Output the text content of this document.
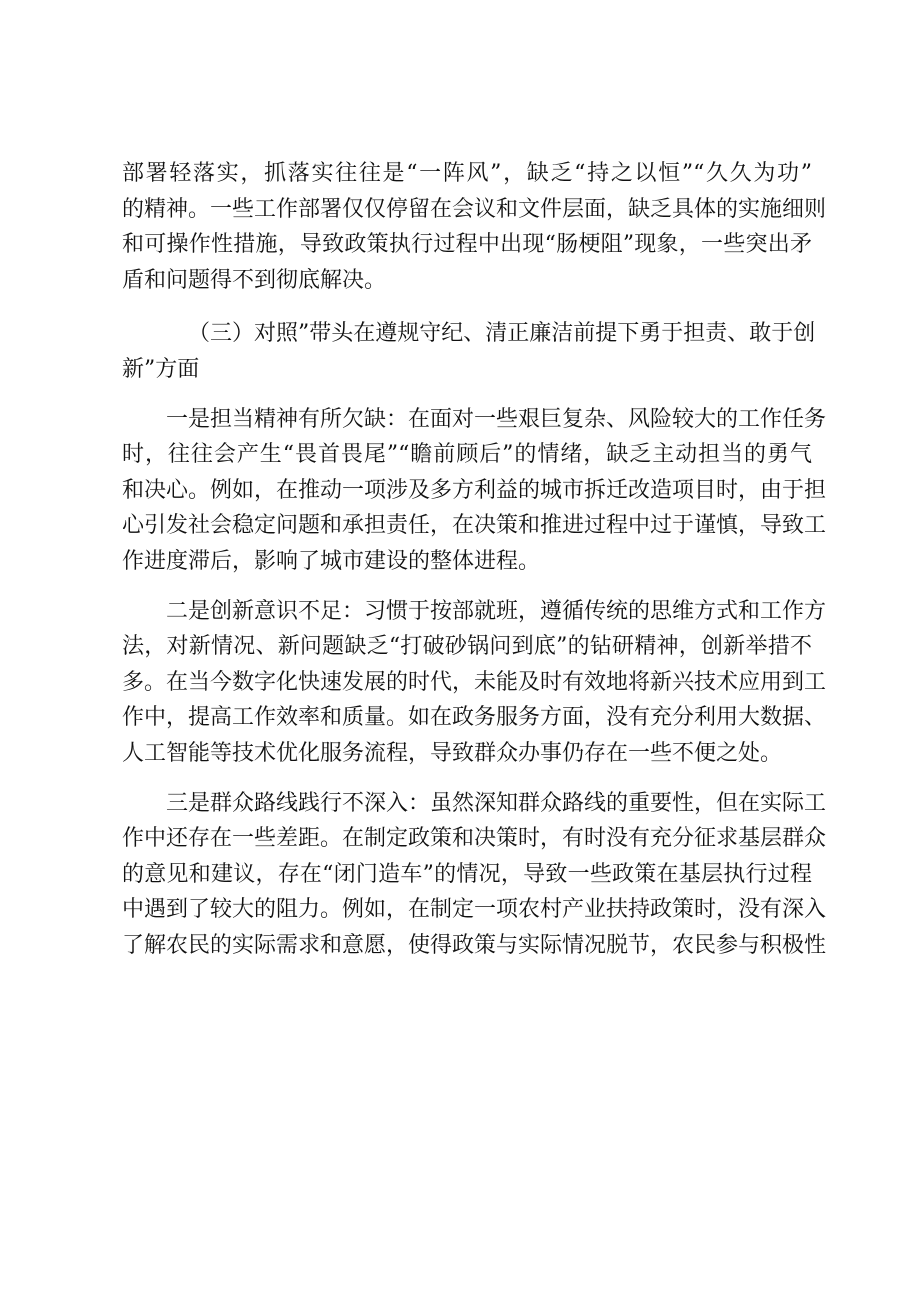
部署轻落实，抓落实往往是“一阵风”，缺乏“持之以恒”“久久为功”
的精神。一些工作部署仅仅停留在会议和文件层面，缺乏具体的实施细则
和可操作性措施，导致政策执行过程中出现“肠梗阻”现象，一些突出矛
盾和问题得不到彻底解决。
（三）对照”带头在遵规守纪、清正廉洁前提下勇于担责、敢于创
新”方面
一是担当精神有所欠缺：在面对一些艰巨复杂、风险较大的工作任务
时，往往会产生“畏首畏尾”“瞻前顾后”的情绪，缺乏主动担当的勇气
和决心。例如，在推动一项涉及多方利益的城市拆迁改造项目时，由于担
心引发社会稳定问题和承担责任，在决策和推进过程中过于谨慎，导致工
作进度滞后，影响了城市建设的整体进程。
二是创新意识不足：习惯于按部就班，遵循传统的思维方式和工作方
法，对新情况、新问题缺乏“打破砂锅问到底”的钻研精神，创新举措不
多。在当今数字化快速发展的时代，未能及时有效地将新兴技术应用到工
作中，提高工作效率和质量。如在政务服务方面，没有充分利用大数据、
人工智能等技术优化服务流程，导致群众办事仍存在一些不便之处。
三是群众路线践行不深入：虽然深知群众路线的重要性，但在实际工
作中还存在一些差距。在制定政策和决策时，有时没有充分征求基层群众
的意见和建议，存在“闭门造车”的情况，导致一些政策在基层执行过程
中遇到了较大的阻力。例如，在制定一项农村产业扶持政策时，没有深入
了解农民的实际需求和意愿，使得政策与实际情况脱节，农民参与积极性
